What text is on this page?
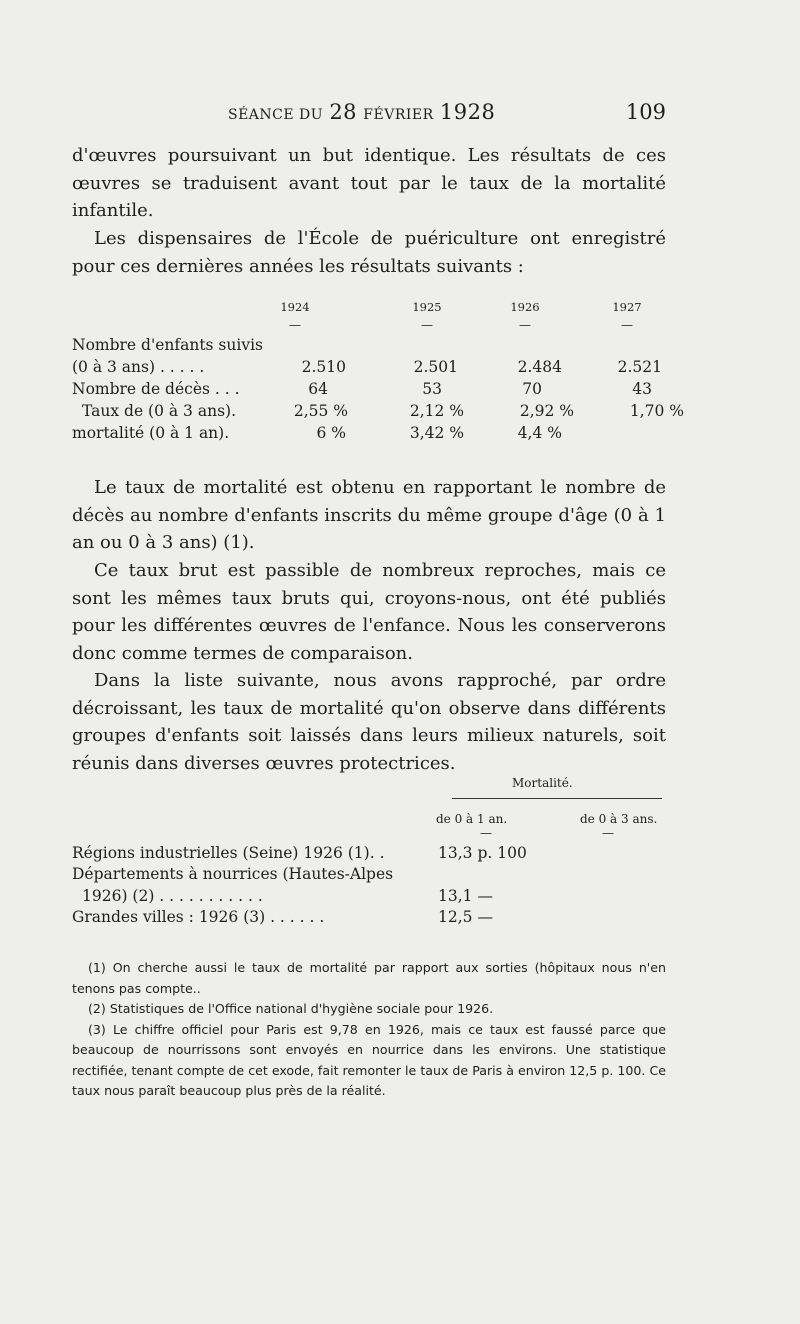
SÉANCE DU 28 FÉVRIER 1928	109

d'œuvres poursuivant un but identique. Les résultats de ces œuvres se traduisent avant tout par le taux de la mortalité infantile.

Les dispensaires de l'École de puériculture ont enregistré pour ces dernières années les résultats suivants :

1924	1925	1926	1927
—	—	—	—
Nombre d'enfants suivis
(0 à 3 ans) . . . . .	2.510	2.501	2.484	2.521
Nombre de décès . . .	64	53	70	43
Taux de (0 à 3 ans).	2,55 %	2,12 %	2,92 %	1,70 %
mortalité (0 à 1 an).	6 %	3,42 %	4,4 %

Le taux de mortalité est obtenu en rapportant le nombre de décès au nombre d'enfants inscrits du même groupe d'âge (0 à 1 an ou 0 à 3 ans) (1).

Ce taux brut est passible de nombreux reproches, mais ce sont les mêmes taux bruts qui, croyons-nous, ont été publiés pour les différentes œuvres de l'enfance. Nous les conserverons donc comme termes de comparaison.

Dans la liste suivante, nous avons rapproché, par ordre décroissant, les taux de mortalité qu'on observe dans différents groupes d'enfants soit laissés dans leurs milieux naturels, soit réunis dans diverses œuvres protectrices.

Mortalité.
de 0 à 1 an.	de 0 à 3 ans.
—	—
Régions industrielles (Seine) 1926 (1). .	13,3 p. 100
Départements à nourrices (Hautes-Alpes
1926) (2) . . . . . . . . . . .	13,1 —
Grandes villes : 1926 (3) . . . . . .	12,5 —

(1) On cherche aussi le taux de mortalité par rapport aux sorties (hôpitaux nous n'en tenons pas compte..

(2) Statistiques de l'Office national d'hygiène sociale pour 1926.

(3) Le chiffre officiel pour Paris est 9,78 en 1926, mais ce taux est faussé parce que beaucoup de nourrissons sont envoyés en nourrice dans les environs. Une statistique rectifiée, tenant compte de cet exode, fait remonter le taux de Paris à environ 12,5 p. 100. Ce taux nous paraît beaucoup plus près de la réalité.
